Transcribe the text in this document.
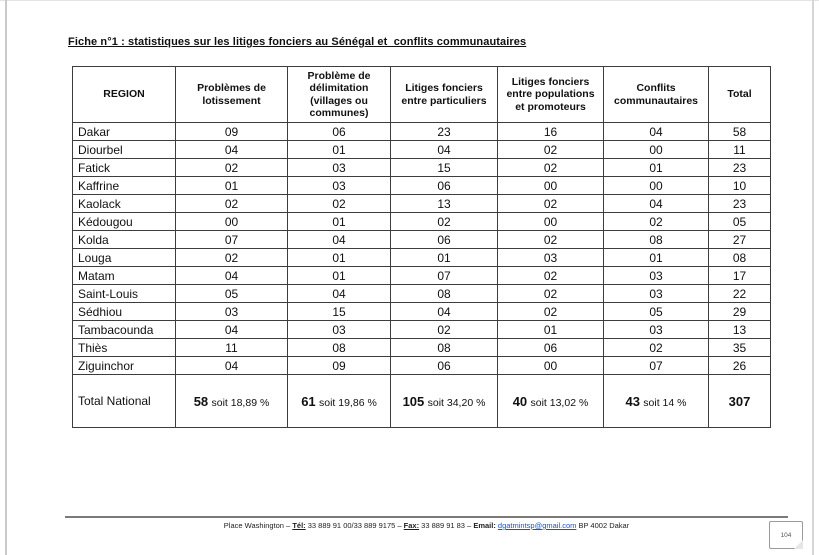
Fiche n°1 : statistiques sur les litiges fonciers au Sénégal et  conflits communautaires
REGION	Problèmes de lotissement	Problème de délimitation (villages ou communes)	Litiges fonciers entre particuliers	Litiges fonciers entre populations et promoteurs	Conflits communautaires	Total
Dakar	09	06	23	16	04	58
Diourbel	04	01	04	02	00	11
Fatick	02	03	15	02	01	23
Kaffrine	01	03	06	00	00	10
Kaolack	02	02	13	02	04	23
Kédougou	00	01	02	00	02	05
Kolda	07	04	06	02	08	27
Louga	02	01	01	03	01	08
Matam	04	01	07	02	03	17
Saint-Louis	05	04	08	02	03	22
Sédhiou	03	15	04	02	05	29
Tambacounda	04	03	02	01	03	13
Thiès	11	08	08	06	02	35
Ziguinchor	04	09	06	00	07	26
Total National	58 soit 18,89 %	61 soit 19,86 %	105 soit 34,20 %	40 soit 13,02 %	43 soit 14 %	307
Place Washington – Tél: 33 889 91 00/33 889 9175 – Fax: 33 889 91 83 – Email: dgatmintsp@gmail.com BP 4002 Dakar
104
